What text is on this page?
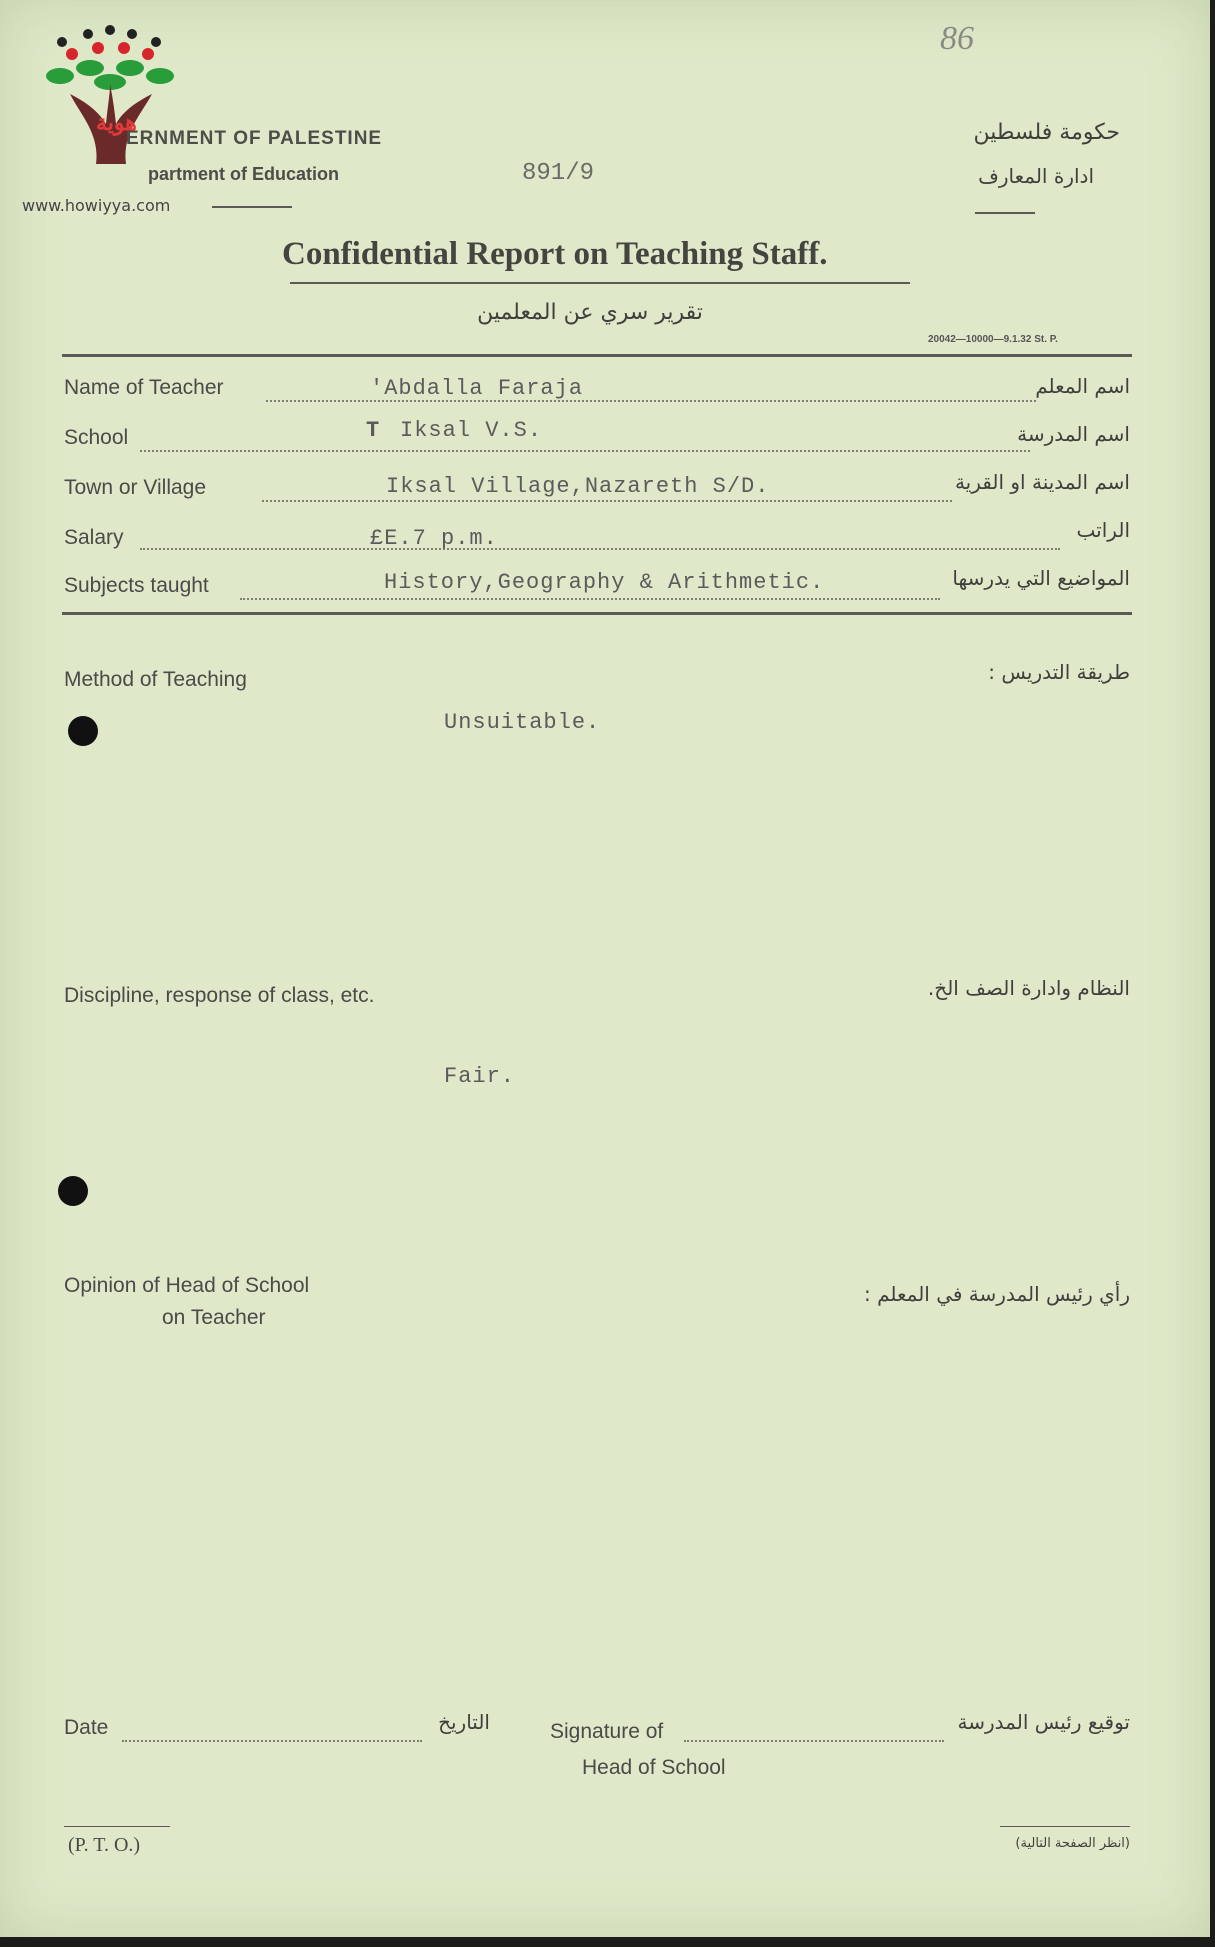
86
هوية
www.howiyya.com
ERNMENT OF PALESTINE
partment of Education	891/9
حكومة فلسطين
ادارة المعارف
Confidential Report on Teaching Staff.
تقرير سري عن المعلمين
20042—10000—9.1.32 St. P.
Name of Teacher	'Abdalla Faraja	اسم المعلم
School	T Iksal V.S.	اسم المدرسة
Town or Village	Iksal Village,Nazareth S/D.	اسم المدينة او القرية
Salary	£E.7 p.m.	الراتب
Subjects taught	History,Geography & Arithmetic.	المواضيع التي يدرسها
Method of Teaching	طريقة التدريس :
Unsuitable.
Discipline, response of class, etc.	النظام وادارة الصف الخ.
Fair.
Opinion of Head of School
on Teacher
رأي رئيس المدرسة في المعلم :
Date	التاريخ	Signature of
Head of School
توقيع رئيس المدرسة
(P. T. O.)	(انظر الصفحة التالية)
